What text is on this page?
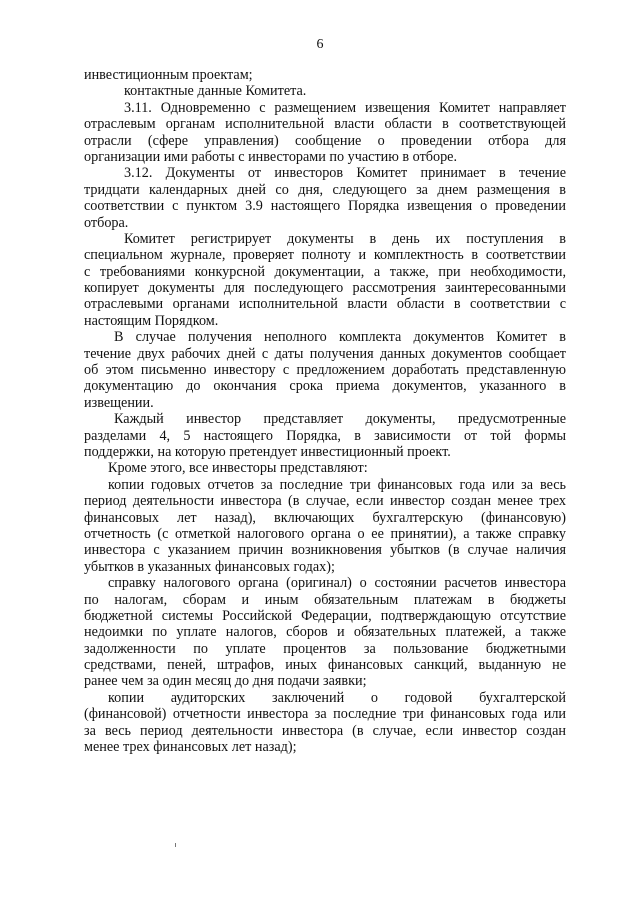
6
инвестиционным проектам;
контактные данные Комитета.
3.11. Одновременно с размещением извещения Комитет направляет
отраслевым органам исполнительной власти области в соответствующей
отрасли (сфере управления) сообщение о проведении отбора для
организации ими работы с инвесторами по участию в отборе.
3.12. Документы от инвесторов Комитет принимает в течение
тридцати календарных дней со дня, следующего за днем размещения в
соответствии с пунктом 3.9 настоящего Порядка извещения о проведении
отбора.
Комитет регистрирует документы в день их поступления в
специальном журнале, проверяет полноту и комплектность в соответствии
с требованиями конкурсной документации, а также, при необходимости,
копирует документы для последующего рассмотрения заинтересованными
отраслевыми органами исполнительной власти области в соответствии с
настоящим Порядком.
В случае получения неполного комплекта документов Комитет в
течение двух рабочих дней с даты получения данных документов сообщает
об этом письменно инвестору с предложением доработать представленную
документацию до окончания срока приема документов, указанного в
извещении.
Каждый инвестор представляет документы, предусмотренные
разделами 4, 5 настоящего Порядка, в зависимости от той формы
поддержки, на которую претендует инвестиционный проект.
Кроме этого, все инвесторы представляют:
копии годовых отчетов за последние три финансовых года или за весь
период деятельности инвестора (в случае, если инвестор создан менее трех
финансовых лет назад), включающих бухгалтерскую (финансовую)
отчетность (с отметкой налогового органа о ее принятии), а также справку
инвестора с указанием причин возникновения убытков (в случае наличия
убытков в указанных финансовых годах);
справку налогового органа (оригинал) о состоянии расчетов инвестора
по налогам, сборам и иным обязательным платежам в бюджеты
бюджетной системы Российской Федерации, подтверждающую отсутствие
недоимки по уплате налогов, сборов и обязательных платежей, а также
задолженности по уплате процентов за пользование бюджетными
средствами, пеней, штрафов, иных финансовых санкций, выданную не
ранее чем за один месяц до дня подачи заявки;
копии аудиторских заключений о годовой бухгалтерской
(финансовой) отчетности инвестора за последние три финансовых года или
за весь период деятельности инвестора (в случае, если инвестор создан
менее трех финансовых лет назад);
